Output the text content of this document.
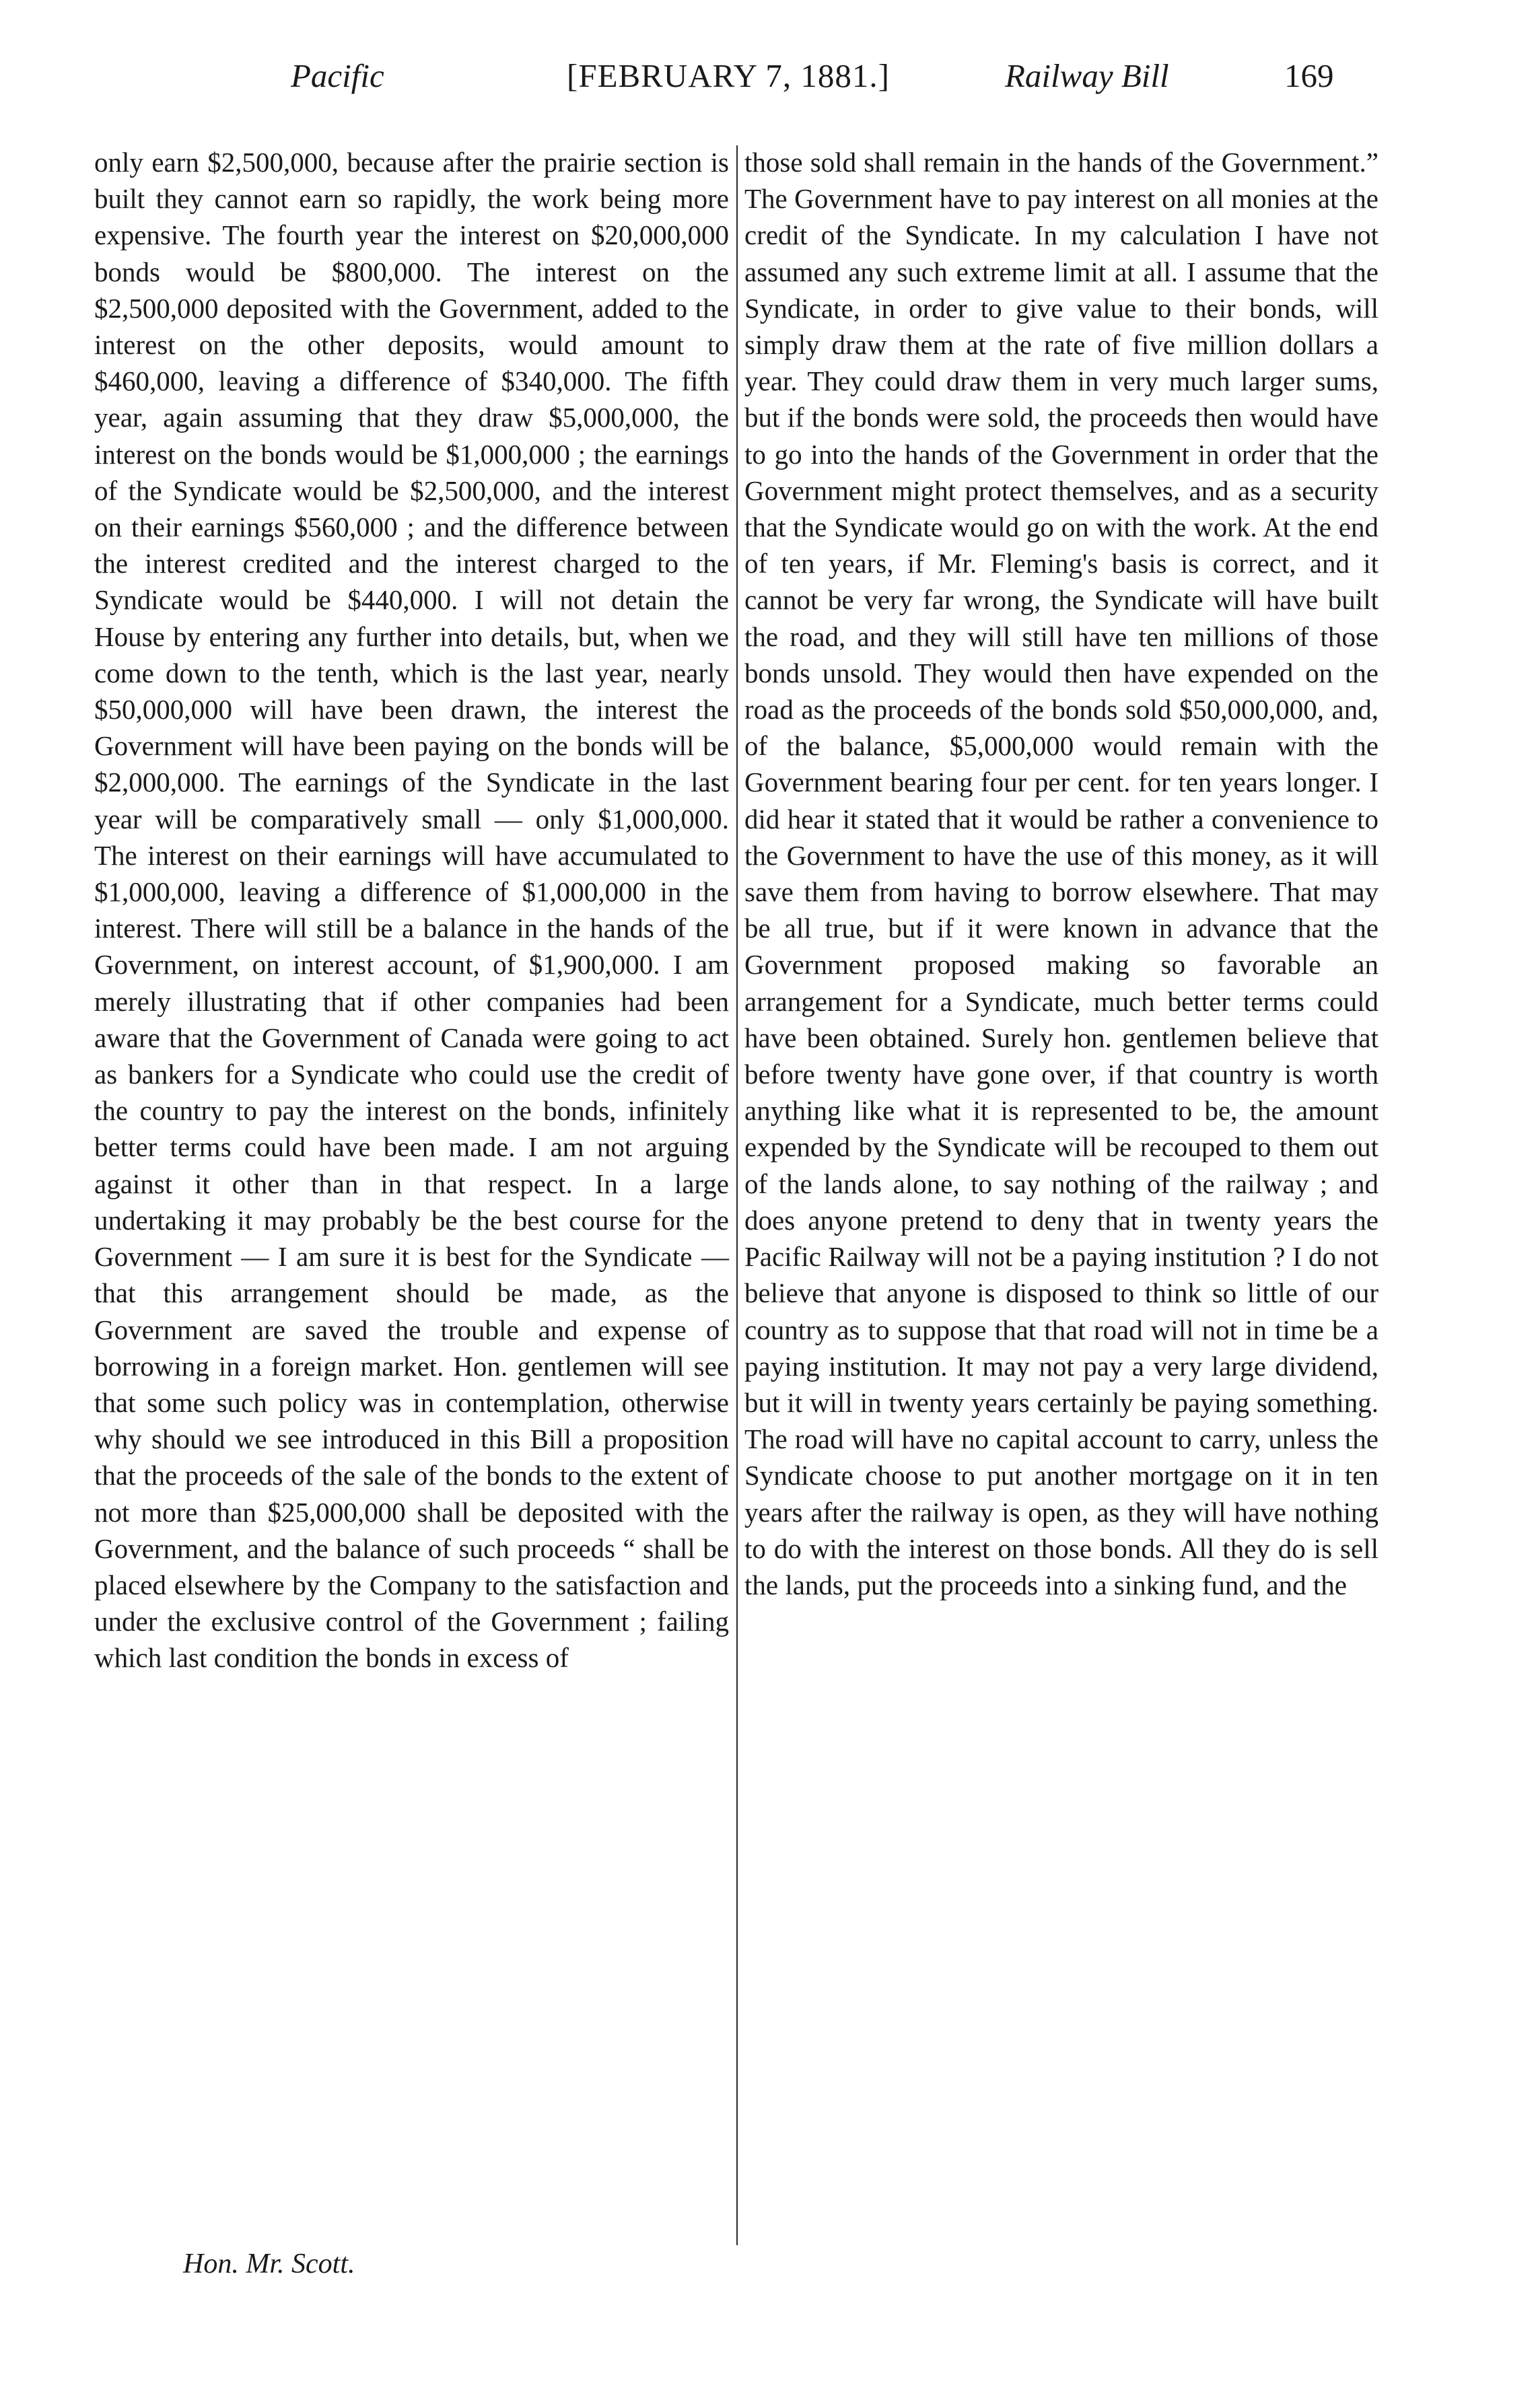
Pacific	[FEBRUARY 7, 1881.]	Railway Bill	169

only earn $2,500,000, because after the prairie section is built they cannot earn so rapidly, the work being more expensive. The fourth year the interest on $20,000,000 bonds would be $800,000. The interest on the $2,500,000 deposited with the Government, added to the interest on the other deposits, would amount to $460,000, leaving a difference of $340,000. The fifth year, again assuming that they draw $5,000,000, the interest on the bonds would be $1,000,000 ; the earnings of the Syndicate would be $2,500,000, and the interest on their earnings $560,000 ; and the difference between the interest credited and the interest charged to the Syndicate would be $440,000. I will not detain the House by entering any further into details, but, when we come down to the tenth, which is the last year, nearly $50,000,000 will have been drawn, the interest the Government will have been paying on the bonds will be $2,000,000. The earnings of the Syndicate in the last year will be comparatively small — only $1,000,000. The interest on their earnings will have accumulated to $1,000,000, leaving a difference of $1,000,000 in the interest. There will still be a balance in the hands of the Government, on interest account, of $1,900,000. I am merely illustrating that if other companies had been aware that the Government of Canada were going to act as bankers for a Syndicate who could use the credit of the country to pay the interest on the bonds, infinitely better terms could have been made. I am not arguing against it other than in that respect. In a large undertaking it may probably be the best course for the Government — I am sure it is best for the Syndicate — that this arrangement should be made, as the Government are saved the trouble and expense of borrowing in a foreign market. Hon. gentlemen will see that some such policy was in contemplation, otherwise why should we see introduced in this Bill a proposition that the proceeds of the sale of the bonds to the extent of not more than $25,000,000 shall be deposited with the Government, and the balance of such proceeds “ shall be placed elsewhere by the Company to the satisfaction and under the exclusive control of the Government ; failing which last condition the bonds in excess of

those sold shall remain in the hands of the Government.” The Government have to pay interest on all monies at the credit of the Syndicate. In my calculation I have not assumed any such extreme limit at all. I assume that the Syndicate, in order to give value to their bonds, will simply draw them at the rate of five million dollars a year. They could draw them in very much larger sums, but if the bonds were sold, the proceeds then would have to go into the hands of the Government in order that the Government might protect themselves, and as a security that the Syndicate would go on with the work. At the end of ten years, if Mr. Fleming's basis is correct, and it cannot be very far wrong, the Syndicate will have built the road, and they will still have ten millions of those bonds unsold. They would then have expended on the road as the proceeds of the bonds sold $50,000,000, and, of the balance, $5,000,000 would remain with the Government bearing four per cent. for ten years longer. I did hear it stated that it would be rather a convenience to the Government to have the use of this money, as it will save them from having to borrow elsewhere. That may be all true, but if it were known in advance that the Government proposed making so favorable an arrangement for a Syndicate, much better terms could have been obtained. Surely hon. gentlemen believe that before twenty have gone over, if that country is worth anything like what it is represented to be, the amount expended by the Syndicate will be recouped to them out of the lands alone, to say nothing of the railway ; and does anyone pretend to deny that in twenty years the Pacific Railway will not be a paying institution ? I do not believe that anyone is disposed to think so little of our country as to suppose that that road will not in time be a paying institution. It may not pay a very large dividend, but it will in twenty years certainly be paying something. The road will have no capital account to carry, unless the Syndicate choose to put another mortgage on it in ten years after the railway is open, as they will have nothing to do with the interest on those bonds. All they do is sell the lands, put the proceeds into a sinking fund, and the

Hon. Mr. Scott.
